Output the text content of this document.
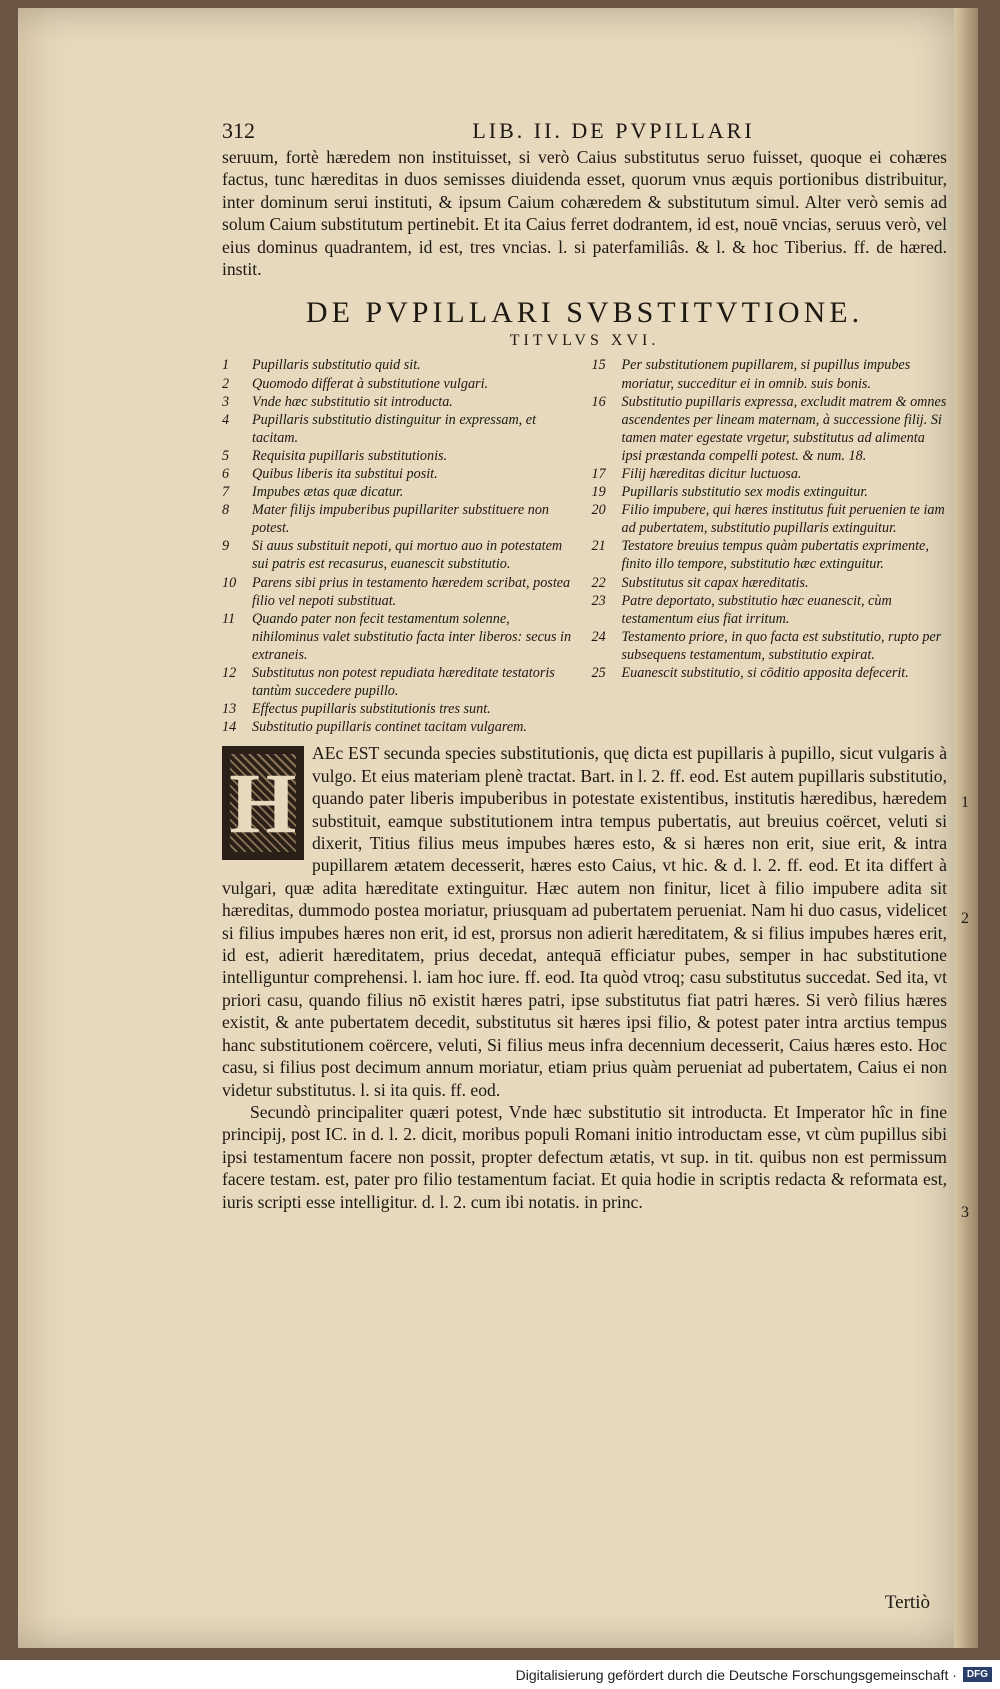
312	LIB. II. DE PVPILLARI

seruum, fortè hæredem non instituisset, si verò Caius substitutus seruo fuisset, quoque ei cohæres factus, tunc hæreditas in duos semisses diuidenda esset, quorum vnus æquis portionibus distribuitur, inter dominum serui instituti, & ipsum Caium cohæredem & substitutum simul. Alter verò semis ad solum Caium substitutum pertinebit. Et ita Caius ferret dodrantem, id est, nouē vncias, seruus verò, vel eius dominus quadrantem, id est, tres vncias. l. si paterfamiliâs. & l. & hoc Tiberius. ff. de hæred. instit.

DE PVPILLARI SVBSTITVTIONE.
TITVLVS XVI.
1	Pupillaris substitutio quid sit.
2	Quomodo differat à substitutione vulgari.
3	Vnde hæc substitutio sit introducta.
4	Pupillaris substitutio distinguitur in expressam, et tacitam.
5	Requisita pupillaris substitutionis.
6	Quibus liberis ita substitui posit.
7	Impubes ætas quæ dicatur.
8	Mater filijs impuberibus pupillariter substituere non potest.
9	Si auus substituit nepoti, qui mortuo auo in potestatem sui patris est recasurus, euanescit substitutio.
10	Parens sibi prius in testamento hæredem scribat, postea filio vel nepoti substituat.
11	Quando pater non fecit testamentum solenne, nihilominus valet substitutio facta inter liberos: secus in extraneis.
12	Substitutus non potest repudiata hæreditate testatoris tantùm succedere pupillo.
13	Effectus pupillaris substitutionis tres sunt.
14	Substitutio pupillaris continet tacitam vulgarem.
15	Per substitutionem pupillarem, si pupillus impubes moriatur, succeditur ei in omnib. suis bonis.
16	Substitutio pupillaris expressa, excludit matrem & omnes ascendentes per lineam maternam, à successione filij. Si tamen mater egestate vrgetur, substitutus ad alimenta ipsi præstanda compelli potest. & num. 18.
17	Filij hæreditas dicitur luctuosa.
19	Pupillaris substitutio sex modis extinguitur.
20	Filio impubere, qui hæres institutus fuit peruenien te iam ad pubertatem, substitutio pupillaris extinguitur.
21	Testatore breuius tempus quàm pubertatis exprimente, finito illo tempore, substitutio hæc extinguitur.
22	Substitutus sit capax hæreditatis.
23	Patre deportato, substitutio hæc euanescit, cùm testamentum eius fiat irritum.
24	Testamento priore, in quo facta est substitutio, rupto per subsequens testamentum, substitutio expirat.
25	Euanescit substitutio, si cōditio apposita defecerit.
H

AEc EST secunda species substitutionis, quę dicta est pupillaris à pupillo, sicut vulgaris à vulgo. Et eius materiam plenè tractat. Bart. in l. 2. ff. eod. Est autem pupillaris substitutio, quando pater liberis impuberibus in potestate existentibus, institutis hæredibus, hæredem substituit, eamque substitutionem intra tempus pubertatis, aut breuius coërcet, veluti si dixerit, Titius filius meus impubes hæres esto, & si hæres non erit, siue erit, & intra pupillarem ætatem decesserit, hæres esto Caius, vt hic. & d. l. 2. ff. eod. Et ita differt à vulgari, quæ adita hæreditate extinguitur. Hæc autem non finitur, licet à filio impubere adita sit hæreditas, dummodo postea moriatur, priusquam ad pubertatem perueniat. Nam hi duo casus, videlicet si filius impubes hæres non erit, id est, prorsus non adierit hæreditatem, & si filius impubes hæres erit, id est, adierit hæreditatem, prius decedat, antequā efficiatur pubes, semper in hac substitutione intelliguntur comprehensi. l. iam hoc iure. ff. eod. Ita quòd vtroq; casu substitutus succedat. Sed ita, vt priori casu, quando filius nō existit hæres patri, ipse substitutus fiat patri hæres. Si verò filius hæres existit, & ante pubertatem decedit, substitutus sit hæres ipsi filio, & potest pater intra arctius tempus hanc substitutionem coërcere, veluti, Si filius meus infra decennium decesserit, Caius hæres esto. Hoc casu, si filius post decimum annum moriatur, etiam prius quàm perueniat ad pubertatem, Caius ei non videtur substitutus. l. si ita quis. ff. eod.

Secundò principaliter quæri potest, Vnde hæc substitutio sit introducta. Et Imperator hîc in fine principij, post IC. in d. l. 2. dicit, moribus populi Romani initio introductam esse, vt cùm pupillus sibi ipsi testamentum facere non possit, propter defectum ætatis, vt sup. in tit. quibus non est permissum facere testam. est, pater pro filio testamentum faciat. Et quia hodie in scriptis redacta & reformata est, iuris scripti esse intelligitur. d. l. 2. cum ibi notatis. in princ.

1
2
3
Tertiò
Digitalisierung gefördert durch die Deutsche Forschungsgemeinschaft ·	DFG
